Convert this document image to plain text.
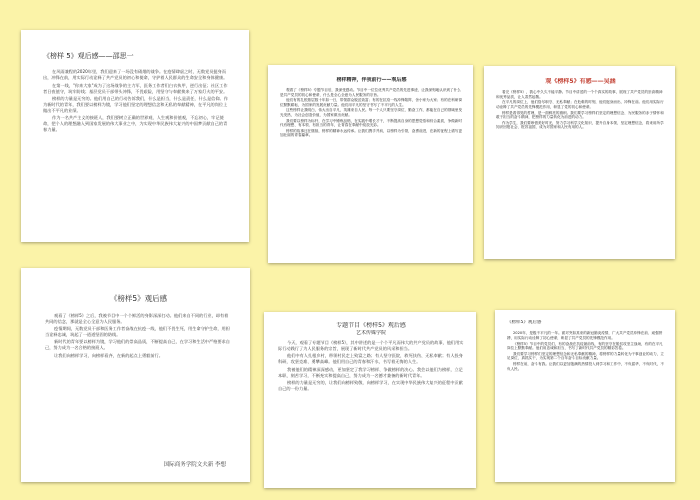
《榜样 5》观后感——邵思一
在风雨兼程的2020年里，我们迎来了一场没有硝烟的战争。在疫情肆虐之时，无数党员挺身而出，冲锋在前，用实际行动诠释了共产党员的初心和使命，守护着人民群众的生命安全和身体健康。
在第一线，"你来大家"成为了这场战争的主力军，医务工作者们白衣执甲，逆行出征；社区工作者日夜值守，筑牢防线；基层党员干部带头冲锋，不畏艰险，用坚守与奉献换来了万家灯火的平安。
榜样的力量是无穷的。他们用自己的行动告诉我们，什么是担当，什么是责任，什么是信仰。作为新时代的青年，我们要以榜样为镜，学习他们坚定的理想信念和无私的奉献精神，在平凡的岗位上做出不平凡的业绩。
作为一名共产主义的接班人，我们要树立正确的世界观、人生观和价值观，不忘初心，牢记使命，把个人的理想融入到国家发展的伟大事业之中，为实现中华民族伟大复兴的中国梦贡献自己的青春力量。
榜样精神，伴我前行——观后感
观看了《榜样5》专题节目后，我深受感动。节目中一位位优秀共产党员的先进事迹，让我深刻地认识到了什么是共产党员的初心和使命，什么是全心全意为人民服务的宗旨。
他们有的扎根基层数十年如一日，带领群众脱贫致富；有的在抗疫一线冲锋陷阵，舍小家为大家；有的在科研岗位默默耕耘，为国家的发展贡献力量。他们用平凡的坚守书写了不平凡的人生。
这些榜样让我明白，伟大出自平凡，英雄来自人民。每一个人只要坚守岗位、勤奋工作，都能在自己的领域里发光发热，为社会创造价值，为国家做出贡献。
我们要以榜样为标杆，在学习中锤炼品格，在实践中增长才干，不断提高自身的思想觉悟和综合素质，争做新时代有理想、有本领、有担当的青年，让青春在奉献中绽放光彩。
榜样的故事还在继续，榜样的精神永远传承。让我们携手并肩，以榜样为引领，奋勇前进，在新的征程上谱写更加壮丽的青春篇章。
观《榜样5》有感——吴涵
看完《榜样5》，我心中久久不能平静。节目中讲述的一个个真实的故事，展现了共产党员的崇高精神和优秀品质，让人肃然起敬。
在平凡的岗位上，他们恪尽职守、无私奉献；在危难的时刻，他们挺身而出、冲锋在前。他们用实际行动诠释了共产党员的先锋模范作用，彰显了党的初心和使命。
榜样是看得见的哲理，是一面鲜亮的旗帜。我们要学习榜样们坚定的理想信念、为民服务的赤子情怀和敢于担当的奋斗精神，把榜样的力量转化为前进的动力。
作为学生，我们要珍惜美好时光，努力学习科学文化知识，提升自身本领，坚定理想信念，将来用所学知识回报社会、报效祖国，成为对国家和人民有用的人。
《榜样5》观后感
观看了《榜样5》之后，我被节目中一个个鲜活的身影深深打动。他们来自不同的行业，却有着共同的信念，那就是全心全意为人民服务。
疫情期间，无数党员干部和医务工作者奋战在抗疫一线，他们不畏生死，用生命守护生命，用担当诠释忠诚，筑起了一道道坚固的防线。
新时代的青年要以榜样为镜，学习他们的崇高品质，不断提高自己，在学习和生活中严格要求自己，努力成为一名合格的接班人。
让我们向榜样学习，向榜样看齐，在新的起点上勇毅前行。
国际商务学院文夫新 李想
专题节目《榜样5》观后感
艺术传媒学院
今天，观看了专题节目《榜样5》，其中讲述的是一个个平凡而伟大的共产党员的故事，他们用实际行动践行了为人民服务的宗旨，展现了新时代共产党员的风采和担当。
他们中有人扎根乡村，带领村民走上致富之路；有人坚守医院，救死扶伤、无私奉献；有人投身科研，攻坚克难、勇攀高峰。他们用自己的青春和汗水，书写着无悔的人生。
我被他们的精神深深感动，更加坚定了我学习榜样、争做榜样的决心。我会以他们为榜样，立足本职、刻苦学习，不断充实和提高自己，努力成为一名德才兼备的新时代青年。
榜样的力量是无穷的，让我们向榜样致敬，向榜样学习，在实现中华民族伟大复兴的征程中贡献自己的一份力量。
《榜样5》观后感
2020年，是极不平凡的一年。面对突如其来的新冠肺炎疫情，广大共产党员冲锋在前、顽强拼搏，用实际行动诠释了初心使命，彰显了共产党员的先锋模范作用。
《榜样5》节目中的党员们，有的奋战在抗疫最前线，有的坚守在脱贫攻坚主战场，有的在平凡岗位上默默奉献。他们用忠诚和担当，书写了新时代共产党员的精彩答卷。
我们要学习榜样们坚定的理想信念和无私奉献的精神，将榜样的力量转化为干事创业的动力，立足岗位，真抓实干，为实现第二个百年奋斗目标贡献力量。
榜样在前，奋斗有我。让我们以更加饱满的热情投入到学习和工作中，不负韶华，不负时代，不负人民。
